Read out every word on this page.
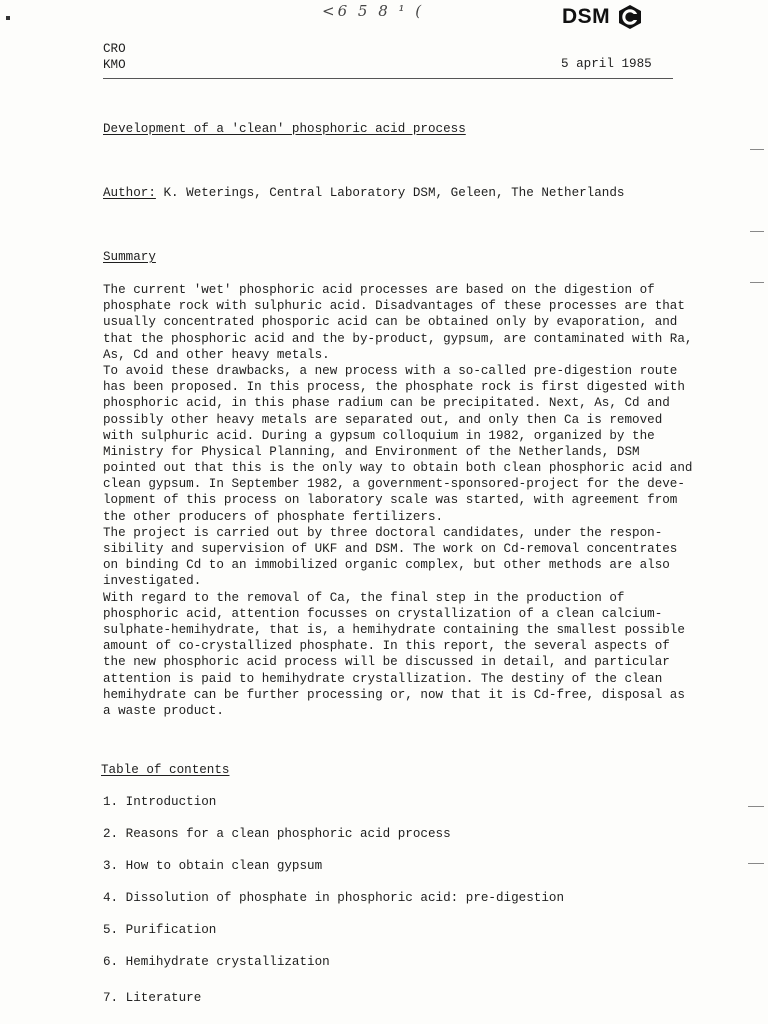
<6 5 8 ¹ (	DSM
CRO
KMO	5 april 1985
Development of a 'clean' phosphoric acid process
Author: K. Weterings, Central Laboratory DSM, Geleen, The Netherlands
Summary
The current 'wet' phosphoric acid processes are based on the digestion of
phosphate rock with sulphuric acid. Disadvantages of these processes are that
usually concentrated phosporic acid can be obtained only by evaporation, and
that the phosphoric acid and the by-product, gypsum, are contaminated with Ra,
As, Cd and other heavy metals.
To avoid these drawbacks, a new process with a so-called pre-digestion route
has been proposed. In this process, the phosphate rock is first digested with
phosphoric acid, in this phase radium can be precipitated. Next, As, Cd and
possibly other heavy metals are separated out, and only then Ca is removed
with sulphuric acid. During a gypsum colloquium in 1982, organized by the
Ministry for Physical Planning, and Environment of the Netherlands, DSM
pointed out that this is the only way to obtain both clean phosphoric acid and
clean gypsum. In September 1982, a government-sponsored-project for the deve-
lopment of this process on laboratory scale was started, with agreement from
the other producers of phosphate fertilizers.
The project is carried out by three doctoral candidates, under the respon-
sibility and supervision of UKF and DSM. The work on Cd-removal concentrates
on binding Cd to an immobilized organic complex, but other methods are also
investigated.
With regard to the removal of Ca, the final step in the production of
phosphoric acid, attention focusses on crystallization of a clean calcium-
sulphate-hemihydrate, that is, a hemihydrate containing the smallest possible
amount of co-crystallized phosphate. In this report, the several aspects of
the new phosphoric acid process will be discussed in detail, and particular
attention is paid to hemihydrate crystallization. The destiny of the clean
hemihydrate can be further processing or, now that it is Cd-free, disposal as
a waste product.
Table of contents
1. Introduction
2. Reasons for a clean phosphoric acid process
3. How to obtain clean gypsum
4. Dissolution of phosphate in phosphoric acid: pre-digestion
5. Purification
6. Hemihydrate crystallization
7. Literature
